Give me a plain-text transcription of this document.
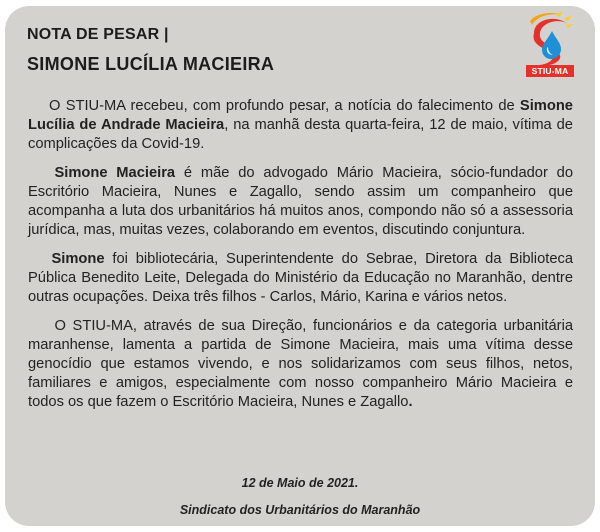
NOTA DE PESAR |
SIMONE LUCÍLIA MACIEIRA	STIU-MA

O STIU-MA recebeu, com profundo pesar, a notícia do falecimento de Simone Lucília de Andrade Macieira, na manhã desta quarta-feira, 12 de maio, vítima de complicações da Covid-19.

Simone Macieira é mãe do advogado Mário Macieira, sócio-fundador do Escritório Macieira, Nunes e Zagallo, sendo assim um companheiro que acompanha a luta dos urbanitários há muitos anos, compondo não só a assessoria jurídica, mas, muitas vezes, colaborando em eventos, discutindo conjuntura.

Simone foi bibliotecária, Superintendente do Sebrae, Diretora da Biblioteca Pública Benedito Leite, Delegada do Ministério da Educação no Maranhão, dentre outras ocupações. Deixa três filhos - Carlos, Mário, Karina e vários netos.

O STIU-MA, através de sua Direção, funcionários e da categoria urbanitária maranhense, lamenta a partida de Simone Macieira, mais uma vítima desse genocídio que estamos vivendo, e nos solidarizamos com seus filhos, netos, familiares e amigos, especialmente com nosso companheiro Mário Macieira e todos os que fazem o Escritório Macieira, Nunes e Zagallo.

12 de Maio de 2021.
Sindicato dos Urbanitários do Maranhão
